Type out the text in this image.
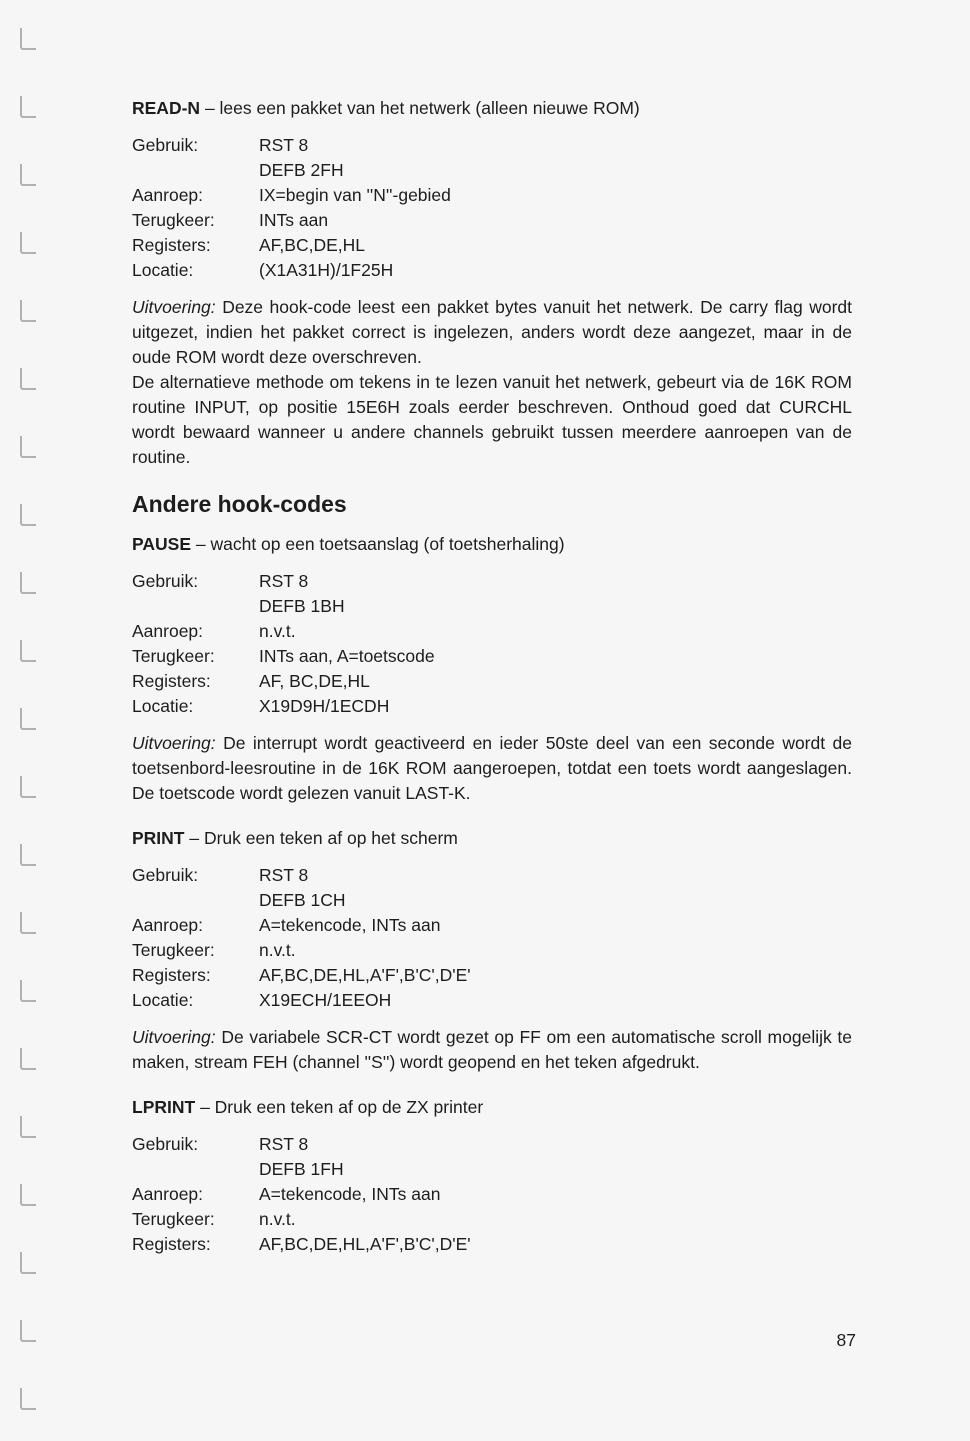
READ-N – lees een pakket van het netwerk (alleen nieuwe ROM)
Gebruik:	RST 8
DEFB 2FH
Aanroep:	IX=begin van ''N''-gebied
Terugkeer:	INTs aan
Registers:	AF,BC,DE,HL
Locatie:	(X1A31H)/1F25H
Uitvoering: Deze hook-code leest een pakket bytes vanuit het netwerk. De carry flag wordt uitgezet, indien het pakket correct is ingelezen, anders wordt deze aangezet, maar in de oude ROM wordt deze overschreven.
De alternatieve methode om tekens in te lezen vanuit het netwerk, gebeurt via de 16K ROM routine INPUT, op positie 15E6H zoals eerder beschreven. Onthoud goed dat CURCHL wordt bewaard wanneer u andere channels gebruikt tussen meerdere aanroepen van de routine.
Andere hook-codes
PAUSE – wacht op een toetsaanslag (of toetsherhaling)
Gebruik:	RST 8
DEFB 1BH
Aanroep:	n.v.t.
Terugkeer:	INTs aan, A=toetscode
Registers:	AF, BC,DE,HL
Locatie:	X19D9H/1ECDH
Uitvoering: De interrupt wordt geactiveerd en ieder 50ste deel van een seconde wordt de toetsenbord-leesroutine in de 16K ROM aangeroepen, totdat een toets wordt aangeslagen. De toetscode wordt gelezen vanuit LAST-K.
PRINT – Druk een teken af op het scherm
Gebruik:	RST 8
DEFB 1CH
Aanroep:	A=tekencode, INTs aan
Terugkeer:	n.v.t.
Registers:	AF,BC,DE,HL,A'F',B'C',D'E'
Locatie:	X19ECH/1EEOH
Uitvoering: De variabele SCR-CT wordt gezet op FF om een automatische scroll mogelijk te maken, stream FEH (channel ''S'') wordt geopend en het teken afgedrukt.
LPRINT – Druk een teken af op de ZX printer
Gebruik:	RST 8
DEFB 1FH
Aanroep:	A=tekencode, INTs aan
Terugkeer:	n.v.t.
Registers:	AF,BC,DE,HL,A'F',B'C',D'E'
87
